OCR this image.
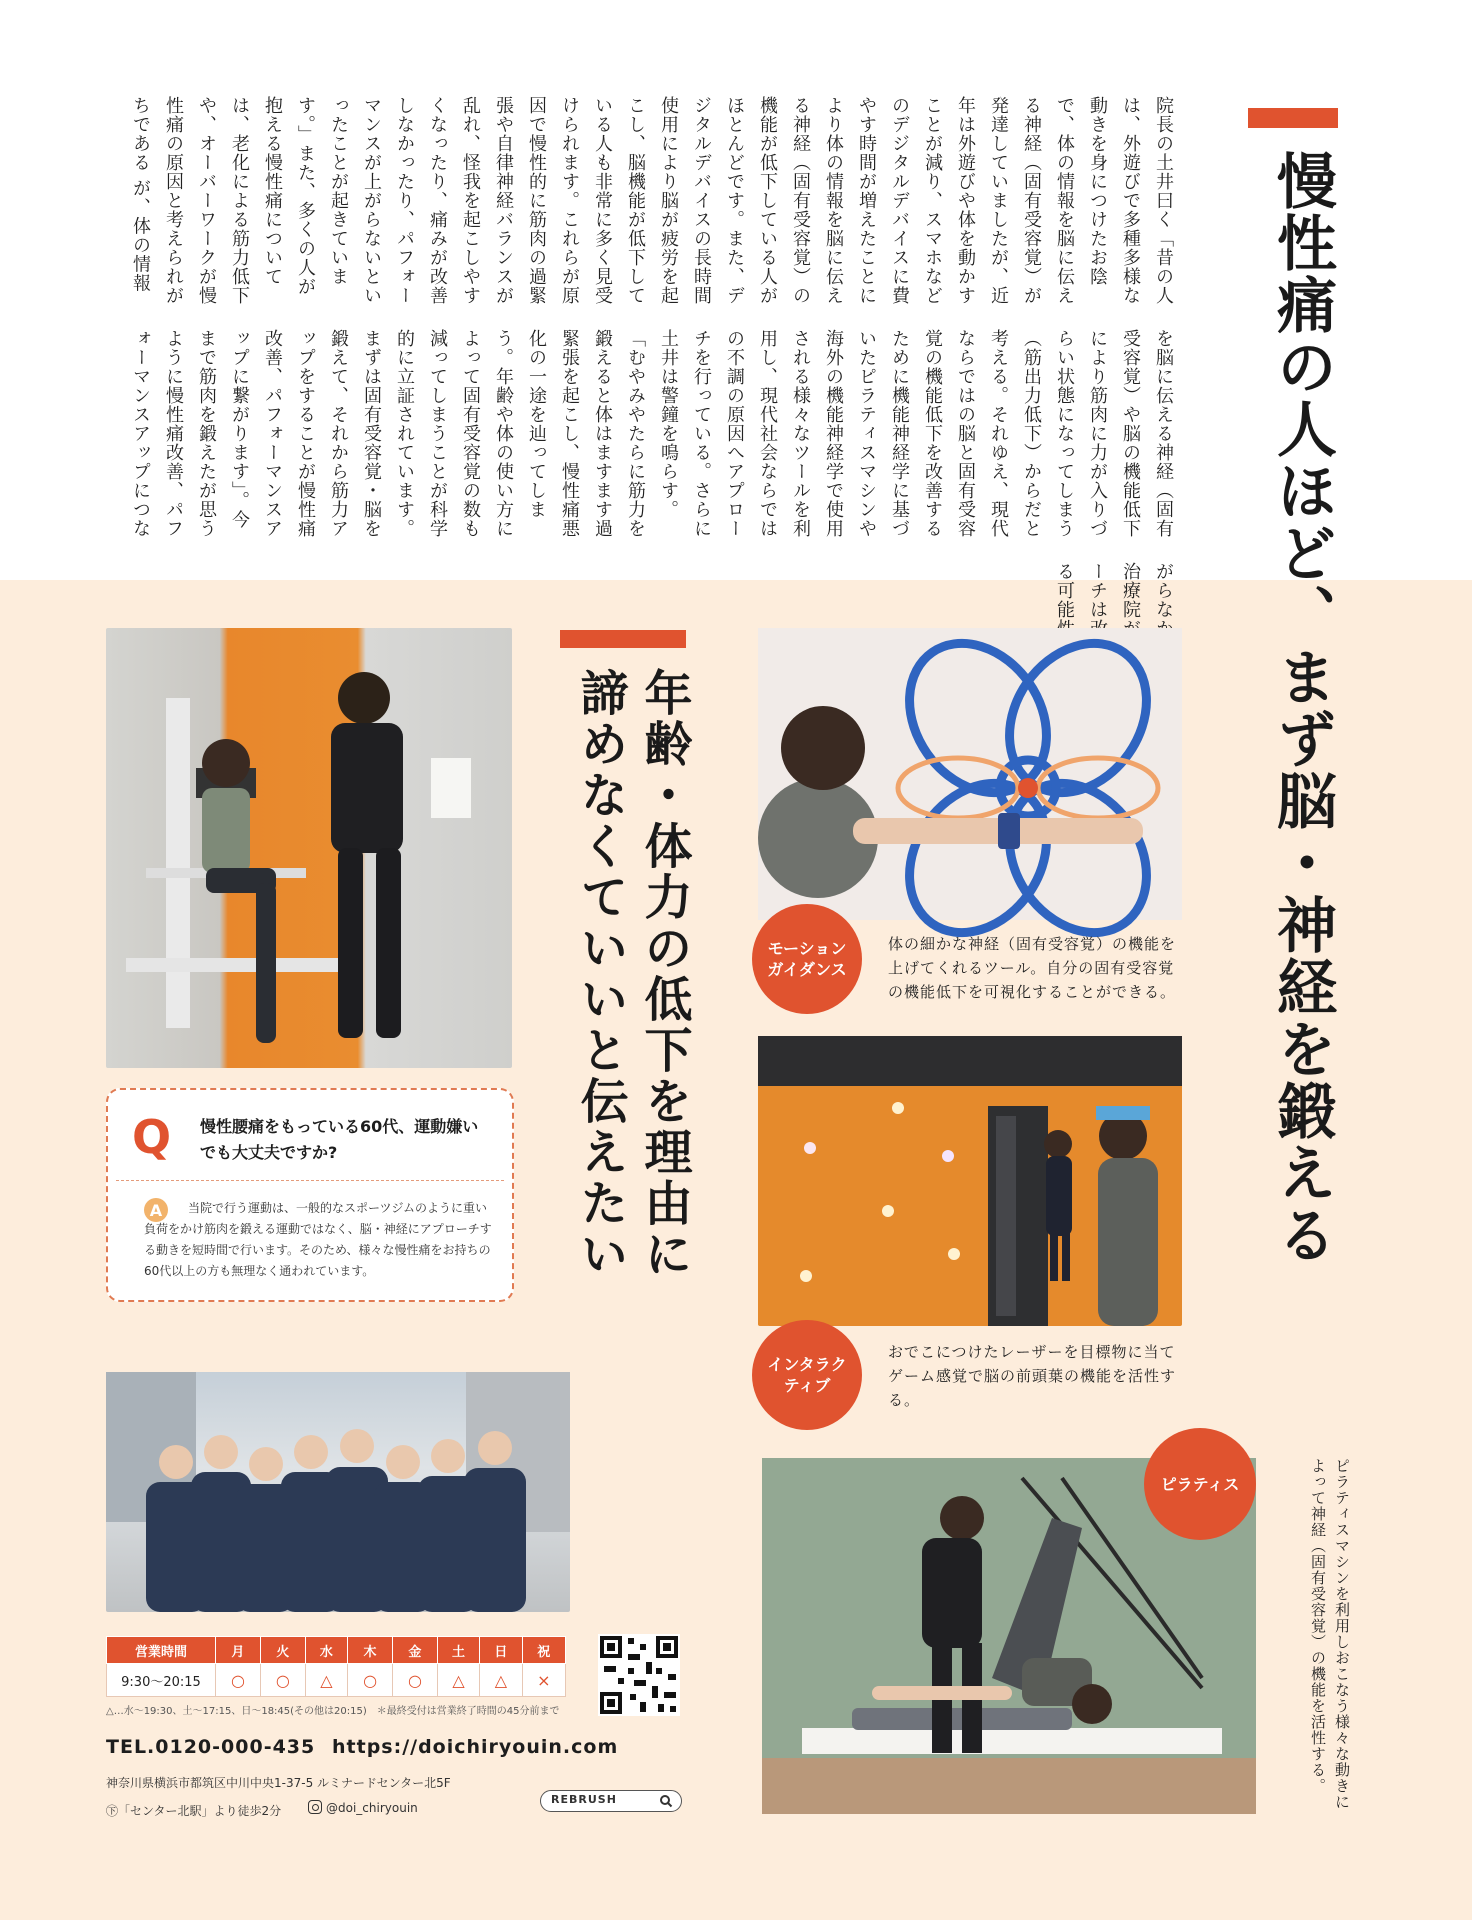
慢性痛の人ほど、まず脳・神経を鍛える
院長の土井曰く「昔の人は、外遊びで多種多様な動きを身につけたお陰で、体の情報を脳に伝える神経（固有受容覚）が発達していましたが、近年は外遊びや体を動かすことが減り、スマホなどのデジタルデバイスに費やす時間が増えたことにより体の情報を脳に伝える神経（固有受容覚）の機能が低下している人がほとんどです。また、デジタルデバイスの長時間使用により脳が疲労を起こし、脳機能が低下している人も非常に多く見受けられます。これらが原因で慢性的に筋肉の過緊張や自律神経バランスが乱れ、怪我を起こしやすくなったり、痛みが改善しなかったり、パフォーマンスが上がらないといったことが起きています。」また、多くの人が抱える慢性痛については、老化による筋力低下や、オーバーワークが慢性痛の原因と考えられがちである が、体の情報を脳に伝える神経（固有受容覚）や脳の機能低下により筋肉に力が入りづらい状態になってしまう（筋出力低下）からだと考える。それゆえ、現代ならではの脳と固有受容覚の機能低下を改善するために機能神経学に基づいたピラティスマシンや海外の機能神経学で使用される様々なツールを利用し、現代社会ならではの不調の原因へアプローチを行っている。さらに土井は警鐘を鳴らす。「むやみやたらに筋力を鍛えると体はますます過緊張を起こし、慢性痛悪化の一途を辿ってしまう。年齢や体の使い方によって固有受容覚の数も減ってしまうことが科学的に立証されています。まずは固有受容覚・脳を鍛えて、それから筋力アップをすることが慢性痛改善、パフォーマンスアップに繋がります」。今まで筋肉を鍛えたが思うように慢性痛改善、パフォーマンスアップにつな
年齢・体力の低下を理由に諦めなくていいと伝えたい
Q 慢性腰痛をもっている60代、運動嫌いでも大丈夫ですか?
A	当院で行う運動は、一般的なスポーツジムのように重い負荷をかけ筋肉を鍛える運動ではなく、脳・神経にアプローチする動きを短時間で行います。そのため、様々な慢性痛をお持ちの60代以上の方も無理なく通われています。
営業時間	月	火	水	木	金	土	日	祝
9:30〜20:15	○	○	△	○	○	△	△	×
△…水〜19:30、土〜17:15、日〜18:45(その他は20:15)　＊最終受付は営業終了時間の45分前まで
TEL.0120-000-435 https://doichiryouin.com
神奈川県横浜市都筑区中川中央1-37-5 ルミナードセンター北5F
㊦「センター北駅」より徒歩2分	@doi_chiryouin
REBRUSH
モーション
ガイダンス
体の細かな神経（固有受容覚）の機能を上げてくれるツール。自分の固有受容覚の機能低下を可視化することができる。
インタラク
ティブ
おでこにつけたレーザーを目標物に当てゲーム感覚で脳の前頭葉の機能を活性する。
ピラティス	ピラティスマシンを利用しおこなう様々な動きによって神経（固有受容覚）の機能を活性する。
